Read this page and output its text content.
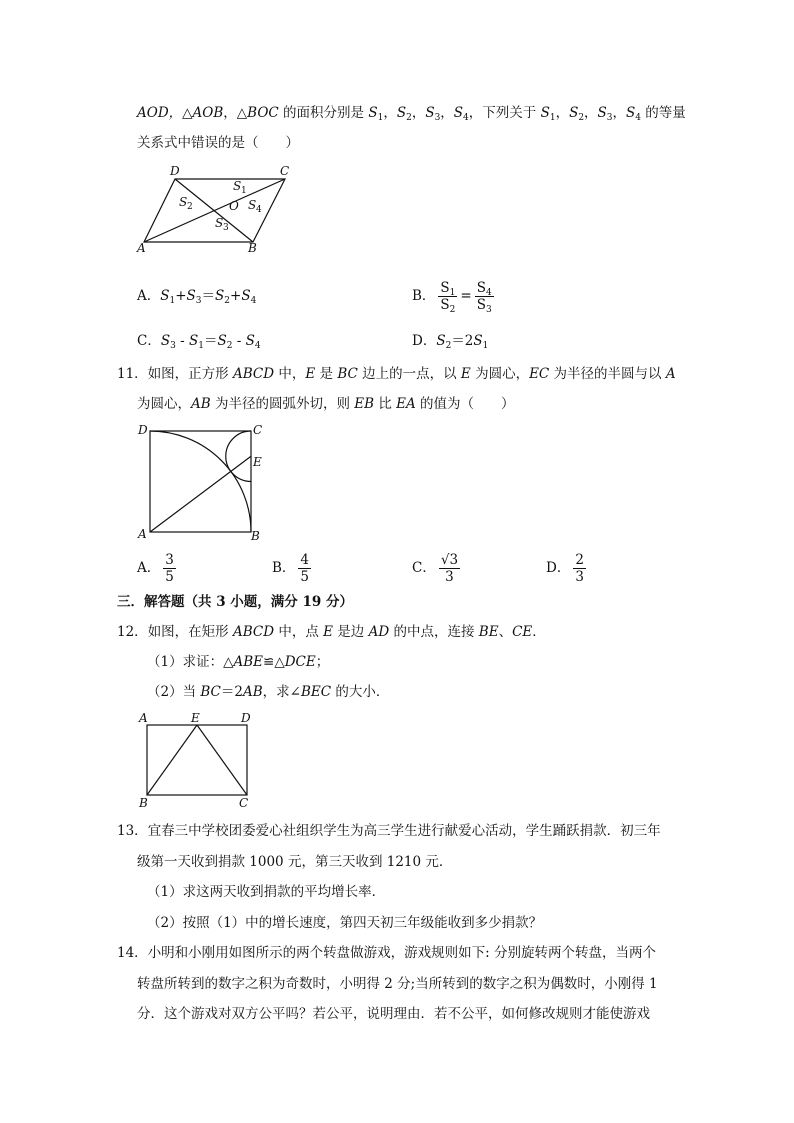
AOD，△AOB，△BOC 的面积分别是 $S_1$，$S_2$，$S_3$，$S_4$，下列关于 $S_1$，$S_2$，$S_3$，$S_4$ 的等量
关系式中错误的是（　　）
D	C
A	B
O
S 1
S 2
S 3
S 4
A．$S_1+S_3=S_2+S_4$	B． $\frac{S_1}{S_2} = \frac{S_4}{S_3}$
C．$S_3 - S_1=S_2 - S_4$	D．$S_2=2S_1$
11．如图，正方形 ABCD 中，E 是 BC 边上的一点，以 E 为圆心，EC 为半径的半圆与以 A
为圆心，AB 为半径的圆弧外切，则 EB 比 EA 的值为（　　）
D	C
E
A	B
A． $\frac{3}{5}$	B． $\frac{4}{5}$	C． $\frac{√3}{3}$	D． $\frac{2}{3}$
三．解答题（共 3 小题，满分 19 分）
12．如图，在矩形 ABCD 中，点 E 是边 AD 的中点，连接 BE、CE．
（1）求证：△ABE≌△DCE；
（2）当 BC＝2AB，求∠BEC 的大小．
A	E	D
B	C
13．宜春三中学校团委爱心社组织学生为高三学生进行献爱心活动，学生踊跃捐款．初三年
级第一天收到捐款 1000 元，第三天收到 1210 元．
（1）求这两天收到捐款的平均增长率．
（2）按照（1）中的增长速度，第四天初三年级能收到多少捐款？
14．小明和小刚用如图所示的两个转盘做游戏，游戏规则如下: 分别旋转两个转盘，当两个
转盘所转到的数字之积为奇数时，小明得 2 分;当所转到的数字之积为偶数时，小刚得 1
分．这个游戏对双方公平吗？若公平，说明理由．若不公平，如何修改规则才能使游戏
